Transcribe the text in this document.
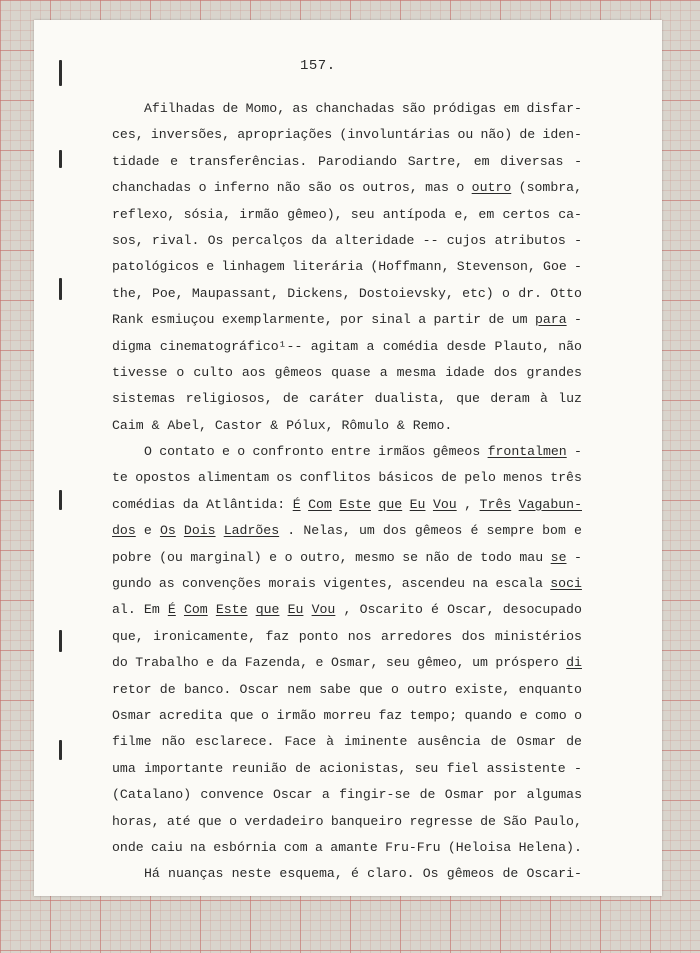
157.
Afilhadas de Momo, as chanchadas são pródigas em disfar-
ces, inversões, apropriações (involuntárias ou não) de iden-
tidade e transferências. Parodiando Sartre, em diversas -
chanchadas o inferno não são os outros, mas o outro (sombra,
reflexo, sósia, irmão gêmeo), seu antípoda e, em certos ca-
sos, rival. Os percalços da alteridade -- cujos atributos -
patológicos e linhagem literária (Hoffmann, Stevenson, Goe -
the, Poe, Maupassant, Dickens, Dostoievsky, etc) o dr. Otto
Rank esmiuçou exemplarmente, por sinal a partir de um para -
digma cinematográfico¹-- agitam a comédia desde Plauto, não
tivesse o culto aos gêmeos quase a mesma idade dos grandes
sistemas religiosos, de caráter dualista, que deram à luz
Caim & Abel, Castor & Pólux, Rômulo & Remo.
O contato e o confronto entre irmãos gêmeos frontalmen -
te opostos alimentam os conflitos básicos de pelo menos três
comédias da Atlântida: É Com Este que Eu Vou , Três Vagabun-
dos e Os Dois Ladrões . Nelas, um dos gêmeos é sempre bom e
pobre (ou marginal) e o outro, mesmo se não de todo mau se -
gundo as convenções morais vigentes, ascendeu na escala soci
al. Em É Com Este que Eu Vou , Oscarito é Oscar, desocupado
que, ironicamente, faz ponto nos arredores dos ministérios
do Trabalho e da Fazenda, e Osmar, seu gêmeo, um próspero di
retor de banco. Oscar nem sabe que o outro existe, enquanto
Osmar acredita que o irmão morreu faz tempo; quando e como o
filme não esclarece. Face à iminente ausência de Osmar de
uma importante reunião de acionistas, seu fiel assistente -
(Catalano) convence Oscar a fingir-se de Osmar por algumas
horas, até que o verdadeiro banqueiro regresse de São Paulo,
onde caiu na esbórnia com a amante Fru-Fru (Heloisa Helena).
Há nuanças neste esquema, é claro. Os gêmeos de Oscari-
